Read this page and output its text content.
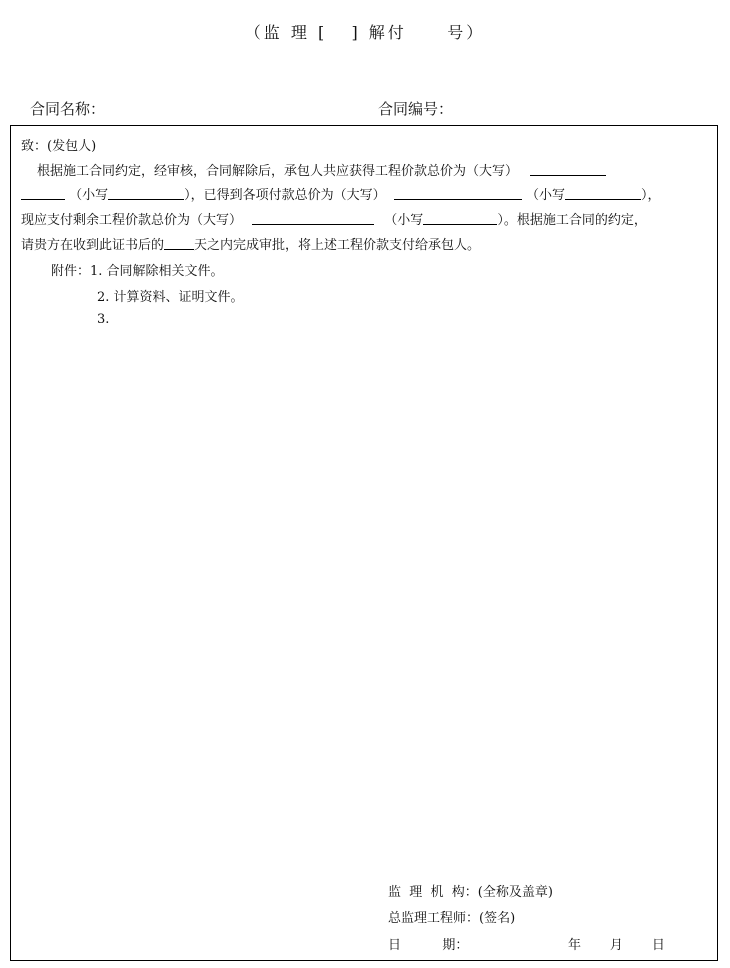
（监 理 [   ] 解付     号）
合同名称：	合同编号：
致：(发包人)
根据施工合同约定，经审核，合同解除后，承包人共应获得工程价款总价为（大写）
（小写	），已得到各项付款总价为（大写）	（小写	），
现应支付剩余工程价款总价为（大写）	（小写	）。根据施工合同的约定，
请贵方在收到此证书后的 天之内完成审批，将上述工程价款支付给承包人。
附件：1. 合同解除相关文件。
2. 计算资料、证明文件。
3.
监  理  机  构：(全称及盖章)
总监理工程师：(签名)
日          期：	年       月       日
